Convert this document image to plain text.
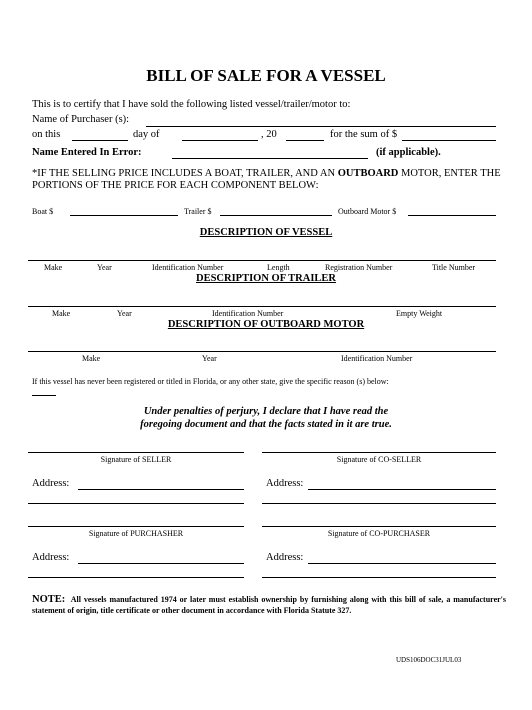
BILL OF SALE FOR A VESSEL
This is to certify that I have sold the following listed vessel/trailer/motor to:
Name of Purchaser (s):
on this	day of	, 20	for the sum of $
Name Entered In Error:	(if applicable).
*IF THE SELLING PRICE INCLUDES A BOAT, TRAILER, AND AN OUTBOARD MOTOR, ENTER THE PORTIONS OF THE PRICE FOR EACH COMPONENT BELOW:
Boat $	Trailer $	Outboard Motor $
DESCRIPTION OF VESSEL
Make	Year	Identification Number	Length	Registration Number	Title Number
DESCRIPTION OF TRAILER
Make	Year	Identification Number	Empty Weight
DESCRIPTION OF OUTBOARD MOTOR
Make	Year	Identification Number
If this vessel has never been registered or titled in Florida, or any other state, give the specific reason (s) below:
Under penalties of perjury, I declare that I have read the
foregoing document and that the facts stated in it are true.
Signature of SELLER	Signature of CO-SELLER
Address:	Address:
Signature of PURCHASHER	Signature of CO-PURCHASER
Address:	Address:
NOTE: All vessels manufactured 1974 or later must establish ownership by furnishing along with this bill of sale, a manufacturer's statement of origin, title certificate or other document in accordance with Florida Statute 327.
UDS106DOC31JUL03
